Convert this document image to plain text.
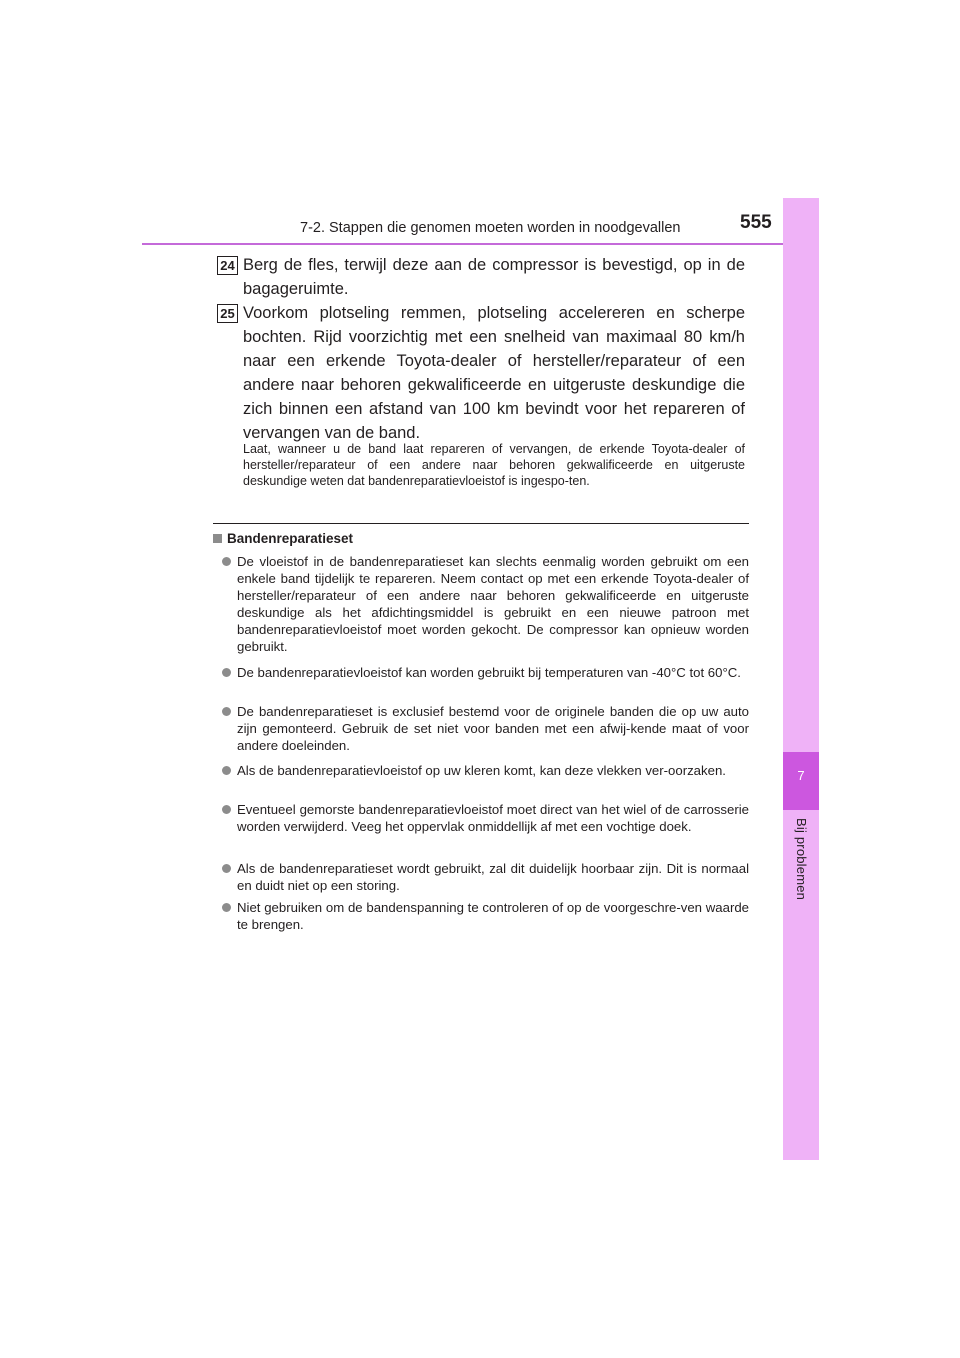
7-2. Stappen die genomen moeten worden in noodgevallen	555
7
Bij problemen
24 Berg de fles, terwijl deze aan de compressor is bevestigd, op in de bagageruimte.
25 Voorkom plotseling remmen, plotseling accelereren en scherpe bochten. Rijd voorzichtig met een snelheid van maximaal 80 km/h naar een erkende Toyota-dealer of hersteller/reparateur of een andere naar behoren gekwalificeerde en uitgeruste deskundige die zich binnen een afstand van 100 km bevindt voor het repareren of vervangen van de band.
Laat, wanneer u de band laat repareren of vervangen, de erkende Toyota-dealer of hersteller/reparateur of een andere naar behoren gekwalificeerde en uitgeruste deskundige weten dat bandenreparatievloeistof is ingespo-ten.
Bandenreparatieset
De vloeistof in de bandenreparatieset kan slechts eenmalig worden gebruikt om een enkele band tijdelijk te repareren. Neem contact op met een erkende Toyota-dealer of hersteller/reparateur of een andere naar behoren gekwalificeerde en uitgeruste deskundige als het afdichtingsmiddel is gebruikt en een nieuwe patroon met bandenreparatievloeistof moet worden gekocht. De compressor kan opnieuw worden gebruikt.
De bandenreparatievloeistof kan worden gebruikt bij temperaturen van -40°C tot 60°C.
De bandenreparatieset is exclusief bestemd voor de originele banden die op uw auto zijn gemonteerd. Gebruik de set niet voor banden met een afwij-kende maat of voor andere doeleinden.
Als de bandenreparatievloeistof op uw kleren komt, kan deze vlekken ver-oorzaken.
Eventueel gemorste bandenreparatievloeistof moet direct van het wiel of de carrosserie worden verwijderd. Veeg het oppervlak onmiddellijk af met een vochtige doek.
Als de bandenreparatieset wordt gebruikt, zal dit duidelijk hoorbaar zijn. Dit is normaal en duidt niet op een storing.
Niet gebruiken om de bandenspanning te controleren of op de voorgeschre-ven waarde te brengen.
